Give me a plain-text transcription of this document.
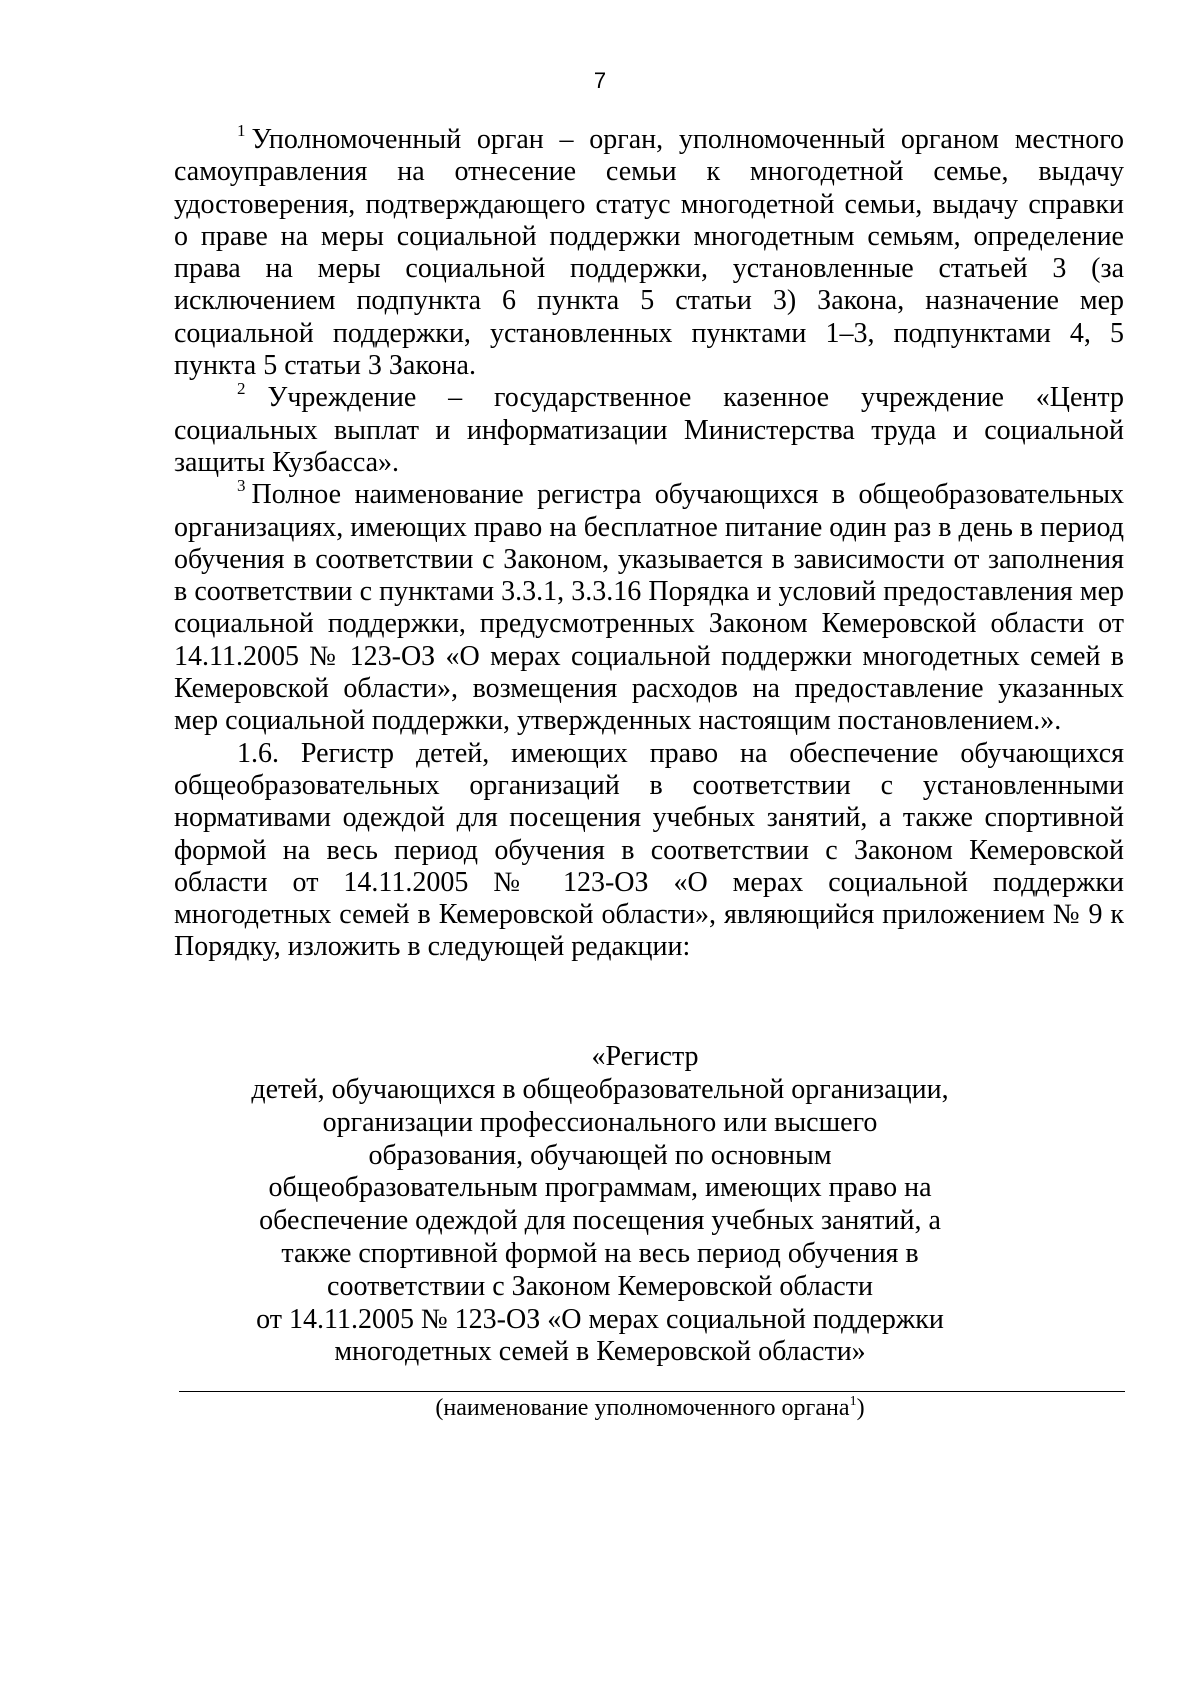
7

$^1$ Уполномоченный орган – орган, уполномоченный органом местного самоуправления на отнесение семьи к многодетной семье, выдачу удостоверения, подтверждающего статус многодетной семьи, выдачу справки о праве на меры социальной поддержки многодетным семьям, определение права на меры социальной поддержки, установленные статьей 3 (за исключением подпункта 6 пункта 5 статьи 3) Закона, назначение мер социальной поддержки, установленных пунктами 1–3, подпунктами 4, 5 пункта 5 статьи 3 Закона.

$^2$ Учреждение – государственное казенное учреждение «Центр социальных выплат и информатизации Министерства труда и социальной защиты Кузбасса».

$^3$ Полное наименование регистра обучающихся в общеобразовательных организациях, имеющих право на бесплатное питание один раз в день в период обучения в соответствии с Законом, указывается в зависимости от заполнения в соответствии с пунктами 3.3.1, 3.3.16 Порядка и условий предоставления мер социальной поддержки, предусмотренных Законом Кемеровской области от 14.11.2005 № 123-ОЗ «О мерах социальной поддержки многодетных семей в Кемеровской области», возмещения расходов на предоставление указанных мер социальной поддержки, утвержденных настоящим постановлением.».

1.6. Регистр детей, имеющих право на обеспечение обучающихся общеобразовательных организаций в соответствии с установленными нормативами одеждой для посещения учебных занятий, а также спортивной формой на весь период обучения в соответствии с Законом Кемеровской области от 14.11.2005 № 123-ОЗ «О мерах социальной поддержки многодетных семей в Кемеровской области», являющийся приложением № 9 к Порядку, изложить в следующей редакции:

«Регистр
детей, обучающихся в общеобразовательной организации,
организации профессионального или высшего
образования, обучающей по основным
общеобразовательным программам, имеющих право на
обеспечение одеждой для посещения учебных занятий, а
также спортивной формой на весь период обучения в
соответствии с Законом Кемеровской области
от 14.11.2005 № 123-ОЗ «О мерах социальной поддержки
многодетных семей в Кемеровской области»
(наименование уполномоченного органа$^1$)
